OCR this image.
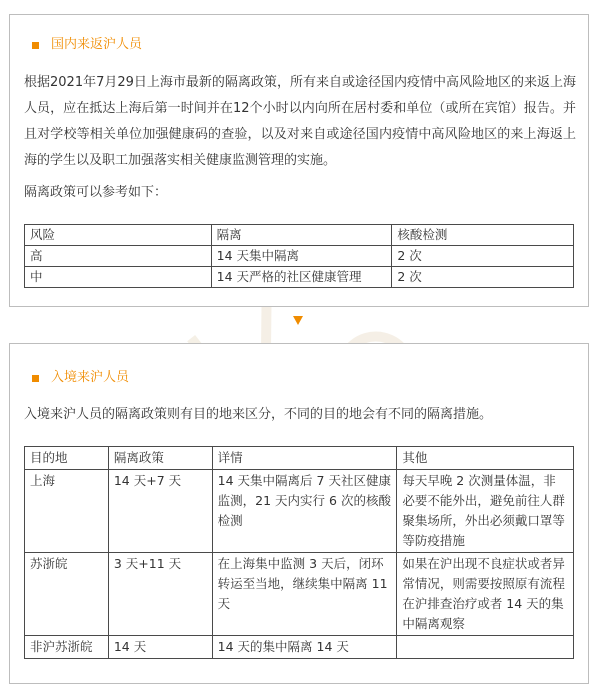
国内来返沪人员

根据2021年7月29日上海市最新的隔离政策，所有来自或途径国内疫情中高风险地区的来返上海人员，应在抵达上海后第一时间并在12个小时以内向所在居村委和单位（或所在宾馆）报告。并且对学校等相关单位加强健康码的查验，以及对来自或途径国内疫情中高风险地区的来上海返上海的学生以及职工加强落实相关健康监测管理的实施。

隔离政策可以参考如下：

风险	隔离	核酸检测
高	14 天集中隔离	2 次
中	14 天严格的社区健康管理	2 次
入境来沪人员

入境来沪人员的隔离政策则有目的地来区分，不同的目的地会有不同的隔离措施。

目的地	隔离政策	详情	其他
上海	14 天+7 天	14 天集中隔离后 7 天社区健康监测，21 天内实行 6 次的核酸检测	每天早晚 2 次测量体温，非必要不能外出，避免前往人群聚集场所，外出必须戴口罩等等防疫措施
苏浙皖	3 天+11 天	在上海集中监测 3 天后，闭环转运至当地，继续集中隔离 11 天	如果在沪出现不良症状或者异常情况，则需要按照原有流程在沪排查治疗或者 14 天的集中隔离观察
非沪苏浙皖	14 天	14 天的集中隔离 14 天	
